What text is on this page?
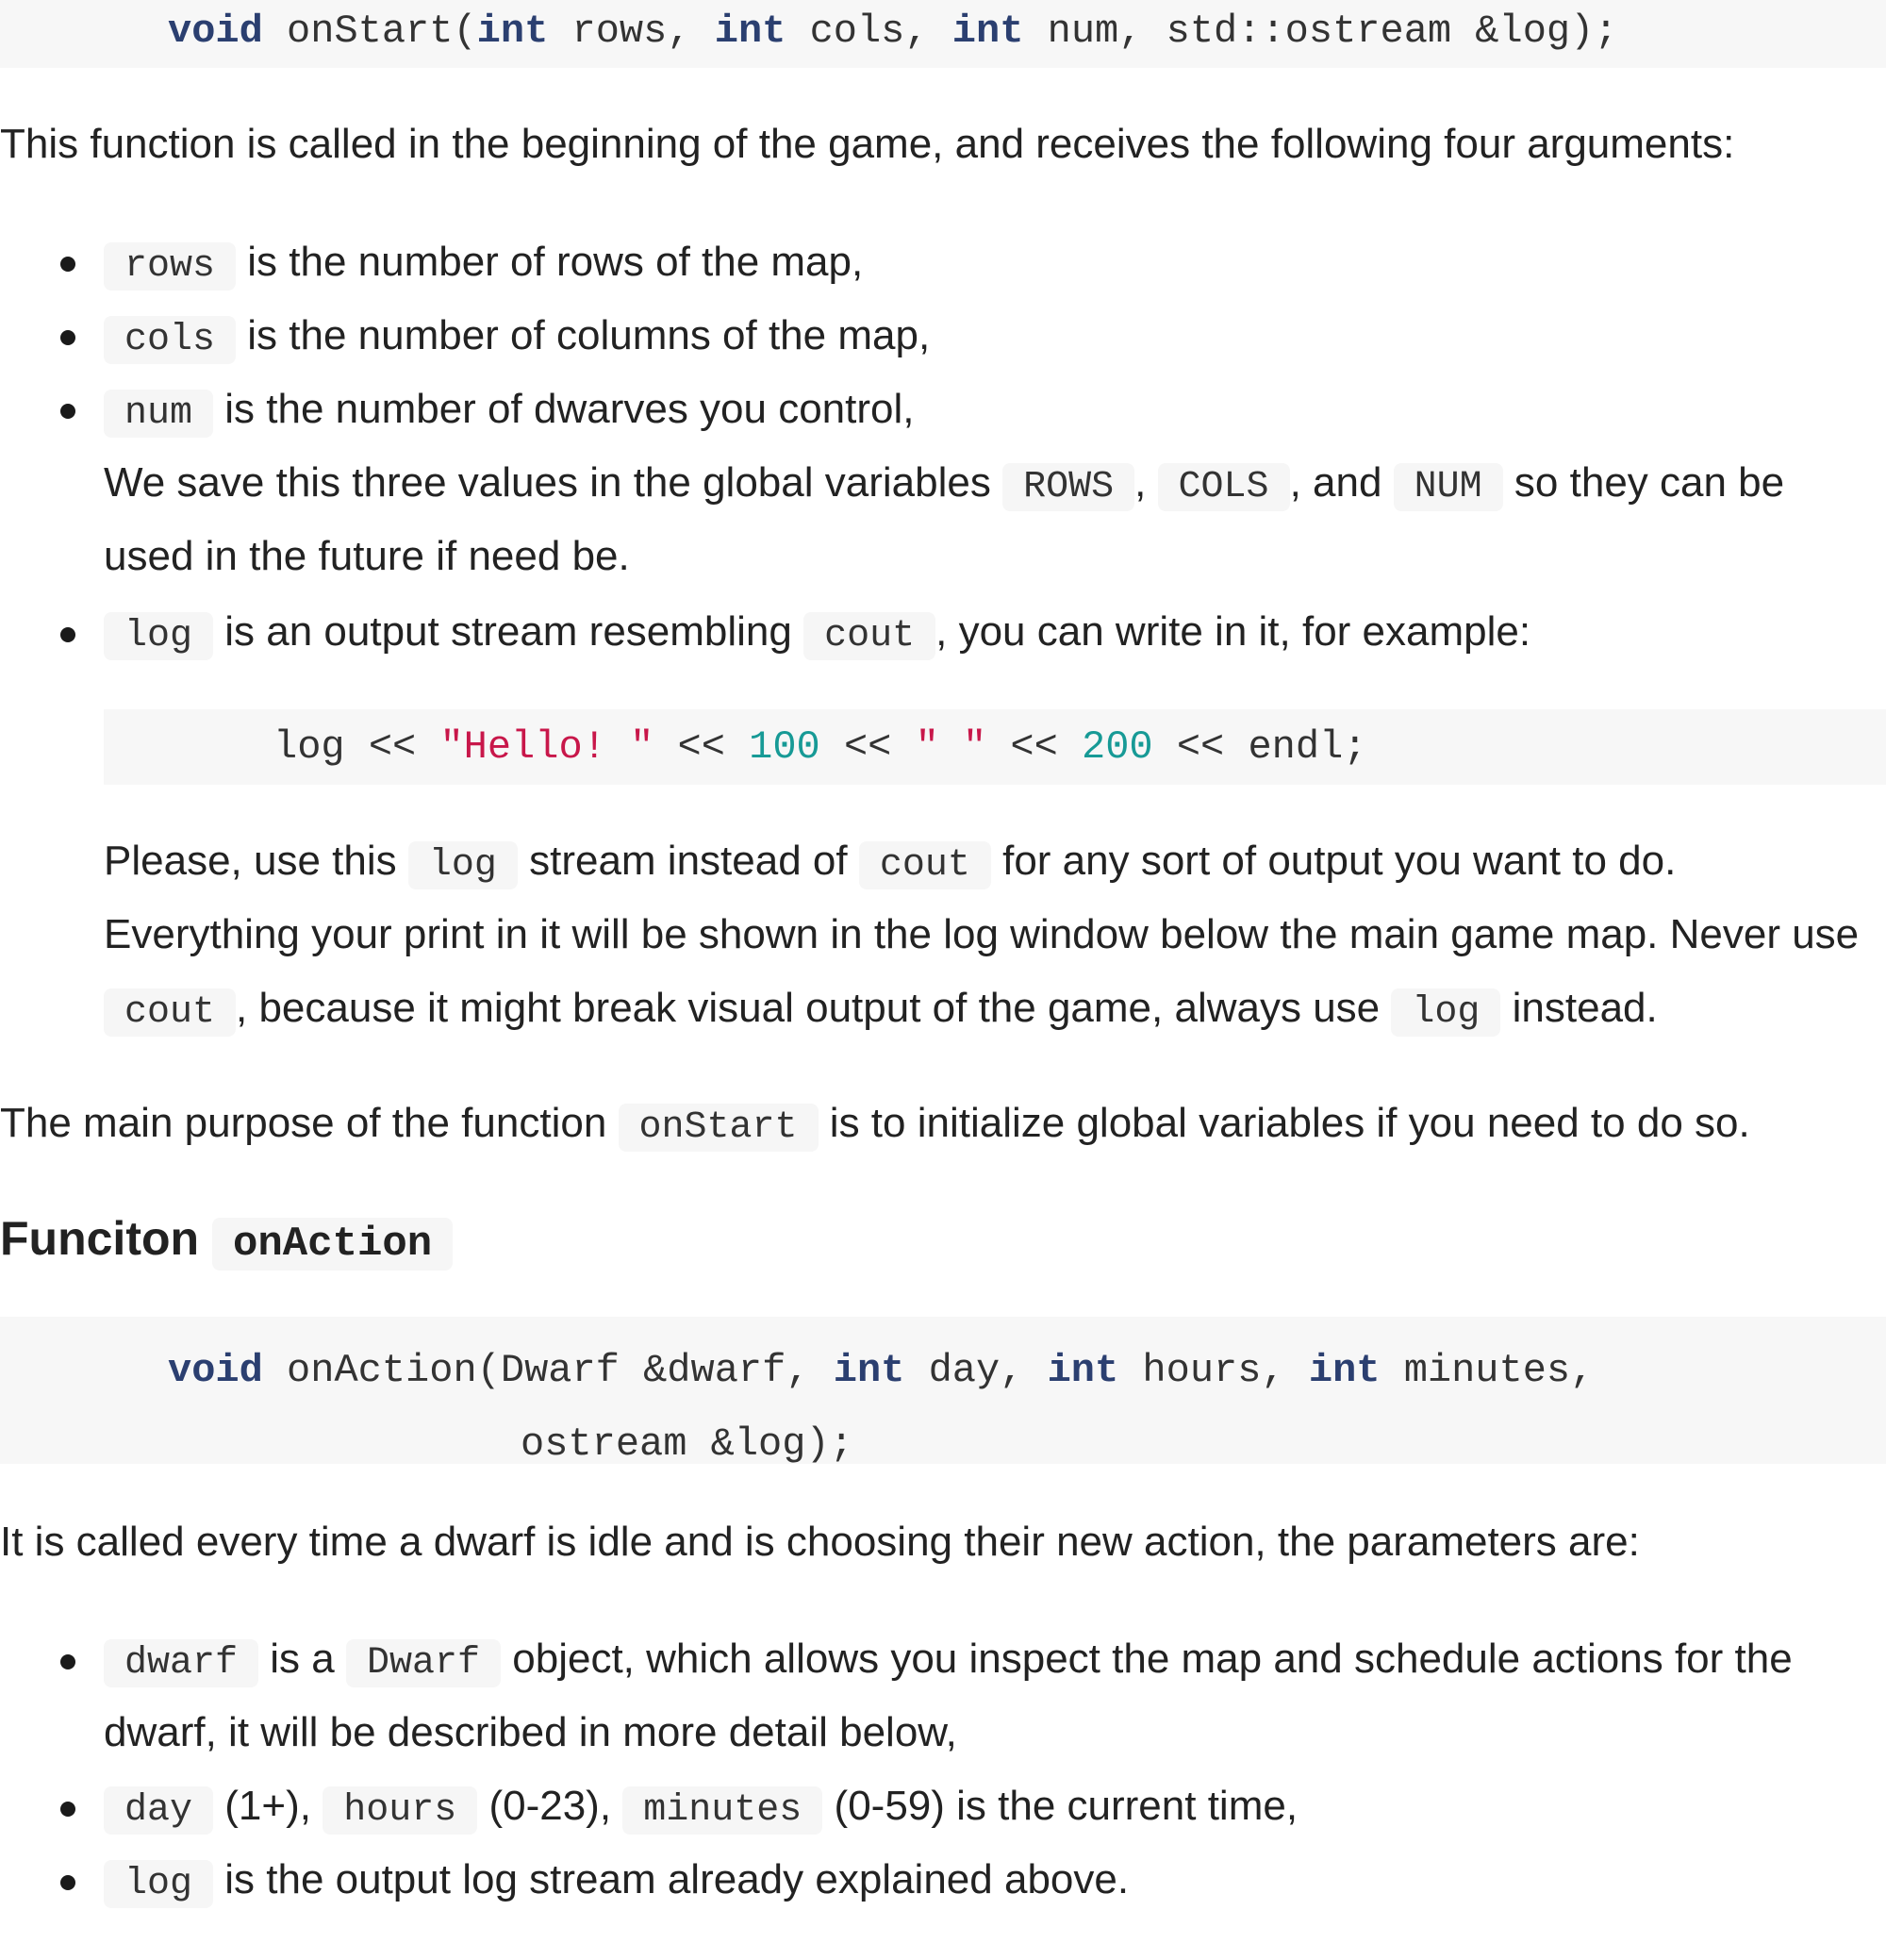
void onStart(int rows, int cols, int num, std::ostream &log);
This function is called in the beginning of the game, and receives the following four arguments:
rows is the number of rows of the map,
cols is the number of columns of the map,
num is the number of dwarves you control,
We save this three values in the global variables ROWS , COLS , and NUM so they can be
used in the future if need be.
log is an output stream resembling cout , you can write in it, for example:
log << "Hello! " << 100 << " " << 200 << endl;
Please, use this log stream instead of cout for any sort of output you want to do.
Everything your print in it will be shown in the log window below the main game map. Never use
cout , because it might break visual output of the game, always use log instead.
The main purpose of the function onStart is to initialize global variables if you need to do so.
Funciton onAction
void onAction(Dwarf &dwarf, int day, int hours, int minutes,
ostream &log);
It is called every time a dwarf is idle and is choosing their new action, the parameters are:
dwarf is a Dwarf object, which allows you inspect the map and schedule actions for the
dwarf, it will be described in more detail below,
day (1+), hours (0-23), minutes (0-59) is the current time,
log is the output log stream already explained above.
